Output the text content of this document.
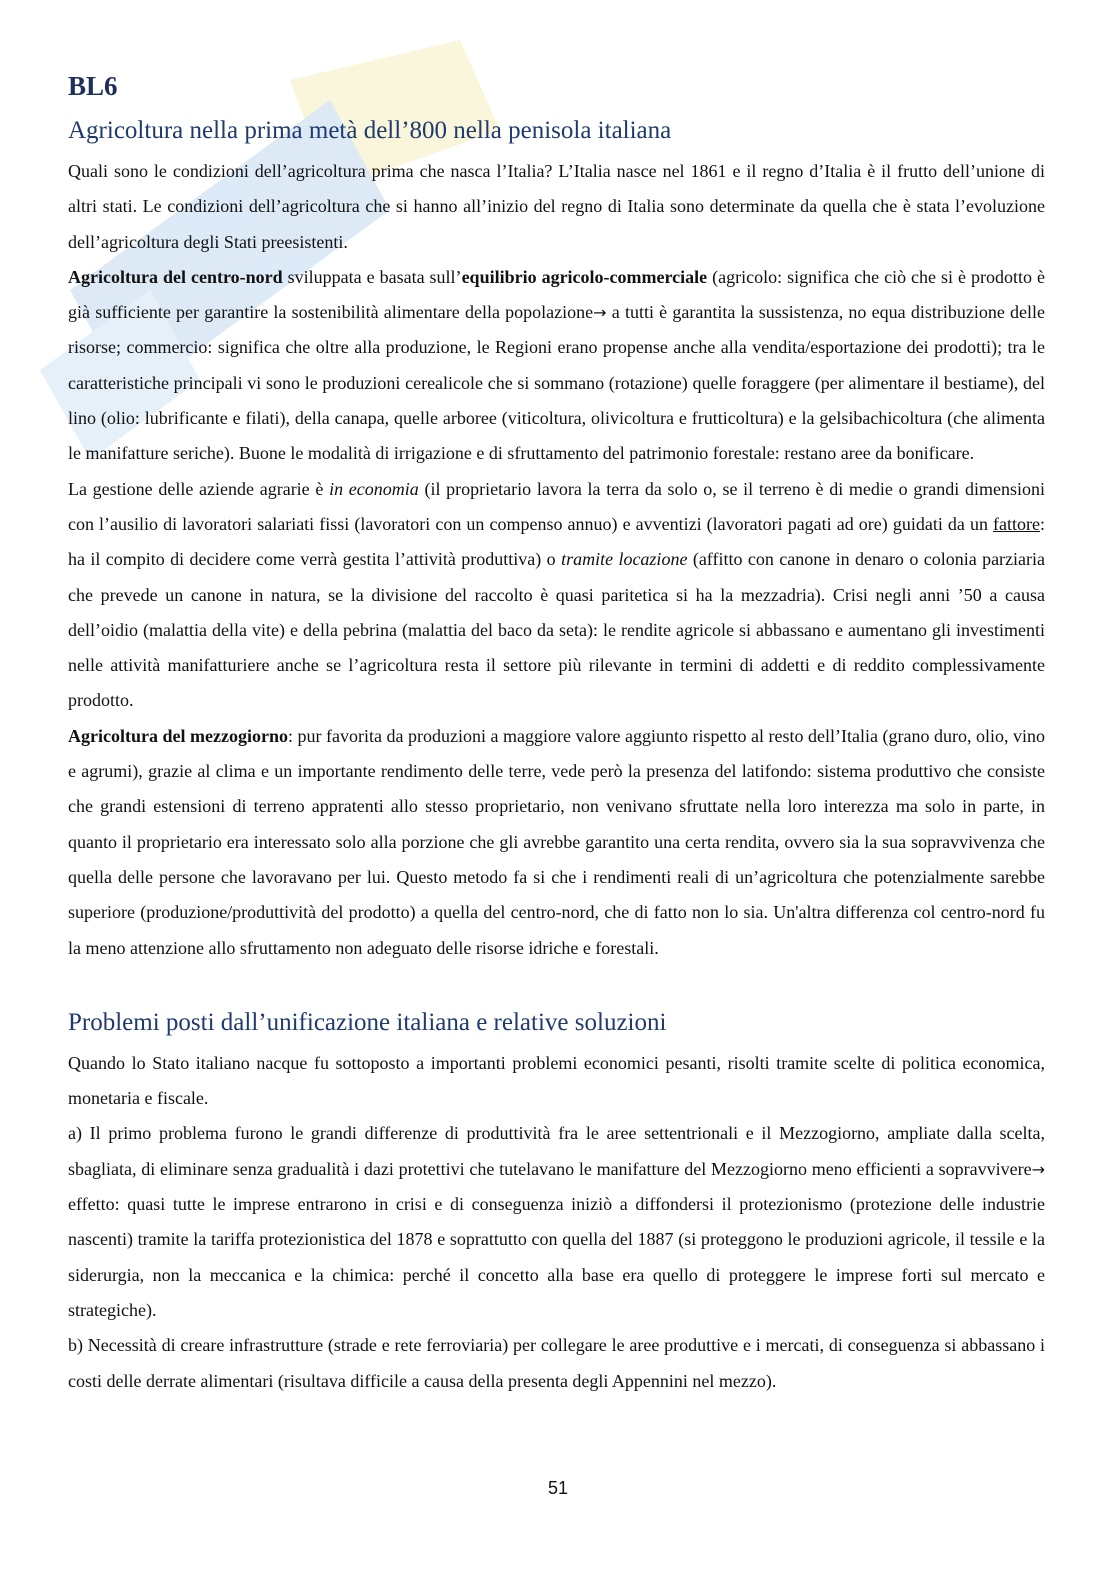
BL6
Agricoltura nella prima metà dell’800 nella penisola italiana

Quali sono le condizioni dell’agricoltura prima che nasca l’Italia? L’Italia nasce nel 1861 e il regno d’Italia è il frutto dell’unione di altri stati. Le condizioni dell’agricoltura che si hanno all’inizio del regno di Italia sono determinate da quella che è stata l’evoluzione dell’agricoltura degli Stati preesistenti.

Agricoltura del centro-nord sviluppata e basata sull’equilibrio agricolo-commerciale (agricolo: significa che ciò che si è prodotto è già sufficiente per garantire la sostenibilità alimentare della popolazione→ a tutti è garantita la sussistenza, no equa distribuzione delle risorse; commercio: significa che oltre alla produzione, le Regioni erano propense anche alla vendita/esportazione dei prodotti); tra le caratteristiche principali vi sono le produzioni cerealicole che si sommano (rotazione) quelle foraggere (per alimentare il bestiame), del lino (olio: lubrificante e filati), della canapa, quelle arboree (viticoltura, olivicoltura e frutticoltura) e la gelsibachicoltura (che alimenta le manifatture seriche). Buone le modalità di irrigazione e di sfruttamento del patrimonio forestale: restano aree da bonificare.

La gestione delle aziende agrarie è in economia (il proprietario lavora la terra da solo o, se il terreno è di medie o grandi dimensioni con l’ausilio di lavoratori salariati fissi (lavoratori con un compenso annuo) e avventizi (lavoratori pagati ad ore) guidati da un fattore: ha il compito di decidere come verrà gestita l’attività produttiva) o tramite locazione (affitto con canone in denaro o colonia parziaria che prevede un canone in natura, se la divisione del raccolto è quasi paritetica si ha la mezzadria). Crisi negli anni ’50 a causa dell’oidio (malattia della vite) e della pebrina (malattia del baco da seta): le rendite agricole si abbassano e aumentano gli investimenti nelle attività manifatturiere anche se l’agricoltura resta il settore più rilevante in termini di addetti e di reddito complessivamente prodotto.

Agricoltura del mezzogiorno: pur favorita da produzioni a maggiore valore aggiunto rispetto al resto dell’Italia (grano duro, olio, vino e agrumi), grazie al clima e un importante rendimento delle terre, vede però la presenza del latifondo: sistema produttivo che consiste che grandi estensioni di terreno appratenti allo stesso proprietario, non venivano sfruttate nella loro interezza ma solo in parte, in quanto il proprietario era interessato solo alla porzione che gli avrebbe garantito una certa rendita, ovvero sia la sua sopravvivenza che quella delle persone che lavoravano per lui. Questo metodo fa si che i rendimenti reali di un’agricoltura che potenzialmente sarebbe superiore (produzione/produttività del prodotto) a quella del centro-nord, che di fatto non lo sia. Un'altra differenza col centro-nord fu la meno attenzione allo sfruttamento non adeguato delle risorse idriche e forestali.

Problemi posti dall’unificazione italiana e relative soluzioni

Quando lo Stato italiano nacque fu sottoposto a importanti problemi economici pesanti, risolti tramite scelte di politica economica, monetaria e fiscale.

a) Il primo problema furono le grandi differenze di produttività fra le aree settentrionali e il Mezzogiorno, ampliate dalla scelta, sbagliata, di eliminare senza gradualità i dazi protettivi che tutelavano le manifatture del Mezzogiorno meno efficienti a sopravvivere→ effetto: quasi tutte le imprese entrarono in crisi e di conseguenza iniziò a diffondersi il protezionismo (protezione delle industrie nascenti) tramite la tariffa protezionistica del 1878 e soprattutto con quella del 1887 (si proteggono le produzioni agricole, il tessile e la siderurgia, non la meccanica e la chimica: perché il concetto alla base era quello di proteggere le imprese forti sul mercato e strategiche).

b) Necessità di creare infrastrutture (strade e rete ferroviaria) per collegare le aree produttive e i mercati, di conseguenza si abbassano i costi delle derrate alimentari (risultava difficile a causa della presenta degli Appennini nel mezzo).

51
